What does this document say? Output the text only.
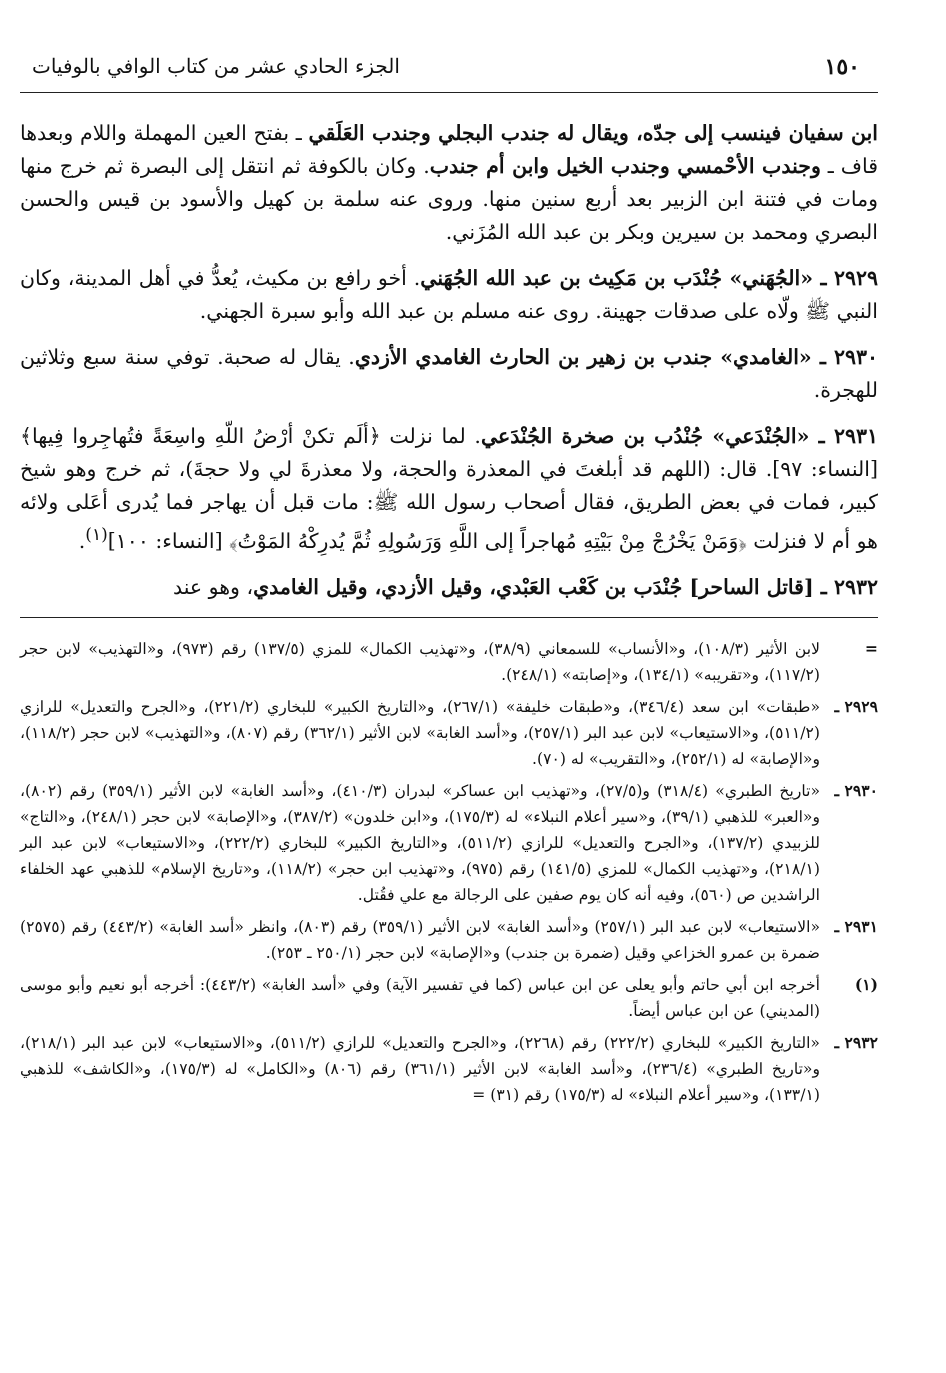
١٥٠
الجزء الحادي عشر من كتاب الوافي بالوفيات

ابن سفيان فينسب إلى جدّه، ويقال له جندب البجلي وجندب العَلَقي ـ بفتح العين المهملة واللام وبعدها قاف ـ وجندب الأحْمسي وجندب الخيل وابن أم جندب. وكان بالكوفة ثم انتقل إلى البصرة ثم خرج منها ومات في فتنة ابن الزبير بعد أربع سنين منها. وروى عنه سلمة بن كهيل والأسود بن قيس والحسن البصري ومحمد بن سيرين وبكر بن عبد الله المُزَني.

٢٩٢٩ ـ «الجُهَني» جُنْدَب بن مَكِيث بن عبد الله الجُهَني. أخو رافع بن مكيث، يُعدُّ في أهل المدينة، وكان النبي ﷺ ولّاه على صدقات جهينة. روى عنه مسلم بن عبد الله وأبو سبرة الجهني.

٢٩٣٠ ـ «الغامدي» جندب بن زهير بن الحارث الغامدي الأزدي. يقال له صحبة. توفي سنة سبع وثلاثين للهجرة.

٢٩٣١ ـ «الجُنْدَعي» جُنْدُب بن صخرة الجُنْدَعي. لما نزلت ﴿ألَم تكنْ أرْضُ اللّهِ واسِعَةً فتُهاجِروا فِيها﴾ [النساء: ٩٧]. قال: (اللهم قد أبلغتَ في المعذرة والحجة، ولا معذرةَ لي ولا حجةَ)، ثم خرج وهو شيخ كبير، فمات في بعض الطريق، فقال أصحاب رسول الله ﷺ: مات قبل أن يهاجر فما يُدرى أعَلى ولائه هو أم لا فنزلت ﴿وَمَنْ يَخْرُجْ مِنْ بَيْتِهِ مُهاجراً إلى اللَّهِ وَرَسُولِهِ ثُمَّ يُدرِكْهُ المَوْتُ﴾ [النساء: ١٠٠]$^{(١)}$.

٢٩٣٢ ـ [قاتل الساحر] جُنْدَب بن كَعْب العَبْدي، وقيل الأزدي، وقيل الغامدي، وهو عند

=
لابن الأثير (١٠٨/٣)، و«الأنساب» للسمعاني (٣٨/٩)، و«تهذيب الكمال» للمزي (١٣٧/٥) رقم (٩٧٣)، و«التهذيب» لابن حجر (١١٧/٢)، و«تقريبه» (١٣٤/١)، و«إصابته» (٢٤٨/١).
٢٩٢٩ ـ
«طبقات» ابن سعد (٣٤٦/٤)، و«طبقات خليفة» (٢٦٧/١)، و«التاريخ الكبير» للبخاري (٢٢١/٢)، و«الجرح والتعديل» للرازي (٥١١/٢)، و«الاستيعاب» لابن عبد البر (٢٥٧/١)، و«أسد الغابة» لابن الأثير (٣٦٢/١) رقم (٨٠٧)، و«التهذيب» لابن حجر (١١٨/٢)، و«الإصابة» له (٢٥٢/١)، و«التقريب» له (٧٠).
٢٩٣٠ ـ
«تاريخ الطبري» (٣١٨/٤) و(٢٧/٥)، و«تهذيب ابن عساكر» لبدران (٤١٠/٣)، و«أسد الغابة» لابن الأثير (٣٥٩/١) رقم (٨٠٢)، و«العبر» للذهبي (٣٩/١)، و«سير أعلام النبلاء» له (١٧٥/٣)، و«ابن خلدون» (٣٨٧/٢)، و«الإصابة» لابن حجر (٢٤٨/١)، و«التاج» للزبيدي (١٣٧/٢)، و«الجرح والتعديل» للرازي (٥١١/٢)، و«التاريخ الكبير» للبخاري (٢٢٢/٢)، و«الاستيعاب» لابن عبد البر (٢١٨/١)، و«تهذيب الكمال» للمزي (١٤١/٥) رقم (٩٧٥)، و«تهذيب ابن حجر» (١١٨/٢)، و«تاريخ الإسلام» للذهبي عهد الخلفاء الراشدين ص (٥٦٠)، وفيه أنه كان يوم صفين على الرجالة مع علي فقُتل.
٢٩٣١ ـ
«الاستيعاب» لابن عبد البر (٢٥٧/١) و«أسد الغابة» لابن الأثير (٣٥٩/١) رقم (٨٠٣)، وانظر «أسد الغابة» (٤٤٣/٢) رقم (٢٥٧٥) ضمرة بن عمرو الخزاعي وقيل (ضمرة بن جندب) و«الإصابة» لابن حجر (٢٥٠/١ ـ ٢٥٣).
(١)
أخرجه ابن أبي حاتم وأبو يعلى عن ابن عباس (كما في تفسير الآية) وفي «أسد الغابة» (٤٤٣/٢): أخرجه أبو نعيم وأبو موسى (المديني) عن ابن عباس أيضاً.
٢٩٣٢ ـ
«التاريخ الكبير» للبخاري (٢٢٢/٢) رقم (٢٢٦٨)، و«الجرح والتعديل» للرازي (٥١١/٢)، و«الاستيعاب» لابن عبد البر (٢١٨/١)، و«تاريخ الطبري» (٢٣٦/٤)، و«أسد الغابة» لابن الأثير (٣٦١/١) رقم (٨٠٦) و«الكامل» له (١٧٥/٣)، و«الكاشف» للذهبي (١٣٣/١)، و«سير أعلام النبلاء» له (١٧٥/٣) رقم (٣١) =
